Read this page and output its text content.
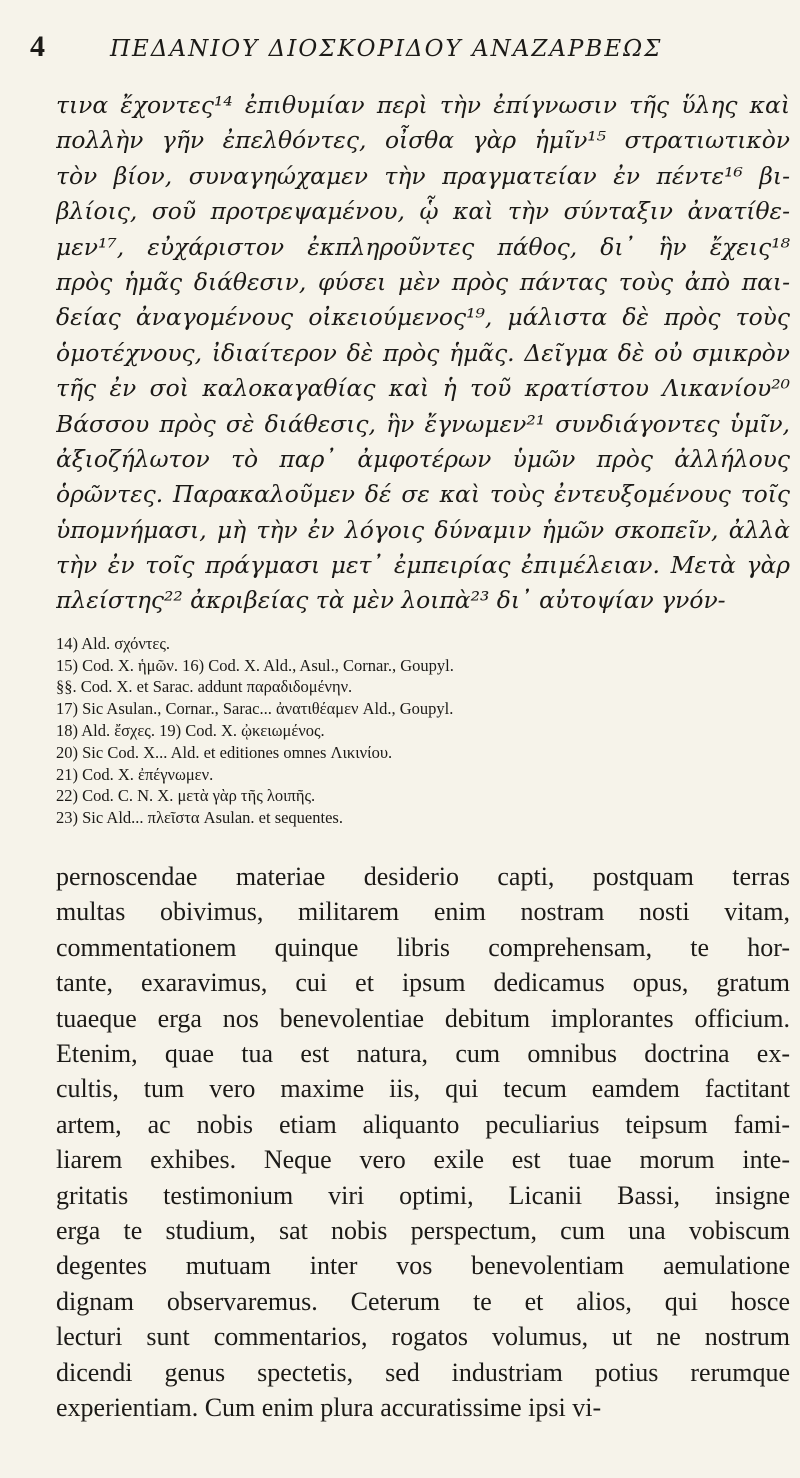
4	ΠΕΔΑΝΙΟΥ ΔΙΟΣΚΟΡΙΔΟΥ ΑΝΑΖΑΡΒΕΩΣ
τινα ἔχοντες¹⁴ ἐπιθυμίαν περὶ τὴν ἐπίγνωσιν τῆς ὕλης καὶ
πολλὴν γῆν ἐπελθόντες, οἶσθα γὰρ ἡμῖν¹⁵ στρατιωτικὸν
τὸν βίον, συναγηώχαμεν τὴν πραγματείαν ἐν πέντε¹⁶ βι-
βλίοις, σοῦ προτρεψαμένου, ᾧ καὶ τὴν σύνταξιν ἀνατίθε-
μεν¹⁷, εὐχάριστον ἐκπληροῦντες πάθος, δι᾿ ἣν ἔχεις¹⁸
πρὸς ἡμᾶς διάθεσιν, φύσει μὲν πρὸς πάντας τοὺς ἀπὸ παι-
δείας ἀναγομένους οἰκειούμενος¹⁹, μάλιστα δὲ πρὸς τοὺς
ὁμοτέχνους, ἰδιαίτερον δὲ πρὸς ἡμᾶς. Δεῖγμα δὲ οὐ σμικρὸν
τῆς ἐν σοὶ καλοκαγαθίας καὶ ἡ τοῦ κρατίστου Λικανίου²⁰
Βάσσου πρὸς σὲ διάθεσις, ἣν ἔγνωμεν²¹ συνδιάγοντες ὑμῖν,
ἀξιοζήλωτον τὸ παρ᾿ ἀμφοτέρων ὑμῶν πρὸς ἀλλήλους
ὁρῶντες. Παρακαλοῦμεν δέ σε καὶ τοὺς ἐντευξομένους τοῖς
ὑπομνήμασι, μὴ τὴν ἐν λόγοις δύναμιν ἡμῶν σκοπεῖν, ἀλλὰ
τὴν ἐν τοῖς πράγμασι μετ᾿ ἐμπειρίας ἐπιμέλειαν. Μετὰ γὰρ
πλείστης²² ἀκριβείας τὰ μὲν λοιπὰ²³ δι᾿ αὐτοψίαν γνόν-
14) Ald. σχόντες.
15) Cod. X. ἡμῶν. 16) Cod. X. Ald., Asul., Cornar., Goupyl.
§§. Cod. X. et Sarac. addunt παραδιδομένην.
17) Sic Asulan., Cornar., Sarac... ἀνατιθέαμεν Ald., Goupyl.
18) Ald. ἔσχες. 19) Cod. X. ᾠκειωμένος.
20) Sic Cod. X... Ald. et editiones omnes Λικινίου.
21) Cod. X. ἐπέγνωμεν.
22) Cod. C. N. X. μετὰ γὰρ τῆς λοιπῆς.
23) Sic Ald... πλεῖστα Asulan. et sequentes.
pernoscendae materiae desiderio capti, postquam terras
multas obivimus, militarem enim nostram nosti vitam,
commentationem quinque libris comprehensam, te hor-
tante, exaravimus, cui et ipsum dedicamus opus, gratum
tuaeque erga nos benevolentiae debitum implorantes officium.
Etenim, quae tua est natura, cum omnibus doctrina ex-
cultis, tum vero maxime iis, qui tecum eamdem factitant
artem, ac nobis etiam aliquanto peculiarius teipsum fami-
liarem exhibes. Neque vero exile est tuae morum inte-
gritatis testimonium viri optimi, Licanii Bassi, insigne
erga te studium, sat nobis perspectum, cum una vobiscum
degentes mutuam inter vos benevolentiam aemulatione
dignam observaremus. Ceterum te et alios, qui hosce
lecturi sunt commentarios, rogatos volumus, ut ne nostrum
dicendi genus spectetis, sed industriam potius rerumque
experientiam. Cum enim plura accuratissime ipsi vi-
